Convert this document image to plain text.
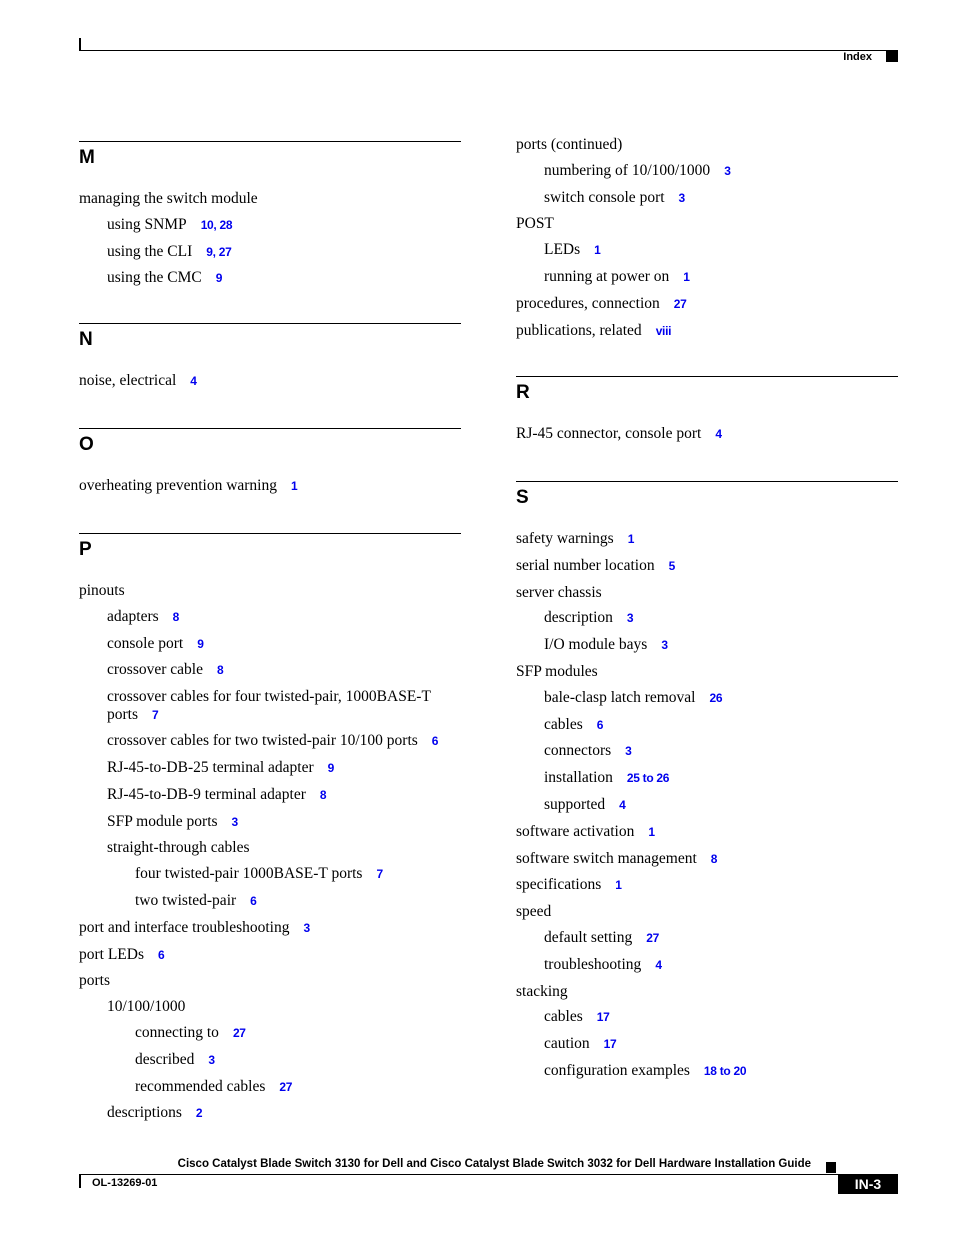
Index
M
managing the switch module
using SNMP 10, 28
using the CLI 9, 27
using the CMC 9
N
noise, electrical 4
O
overheating prevention warning 1
P
pinouts
adapters 8
console port 9
crossover cable 8
crossover cables for four twisted-pair, 1000BASE-T ports 7
crossover cables for two twisted-pair 10/100 ports 6
RJ-45-to-DB-25 terminal adapter 9
RJ-45-to-DB-9 terminal adapter 8
SFP module ports 3
straight-through cables
four twisted-pair 1000BASE-T ports 7
two twisted-pair 6
port and interface troubleshooting 3
port LEDs 6
ports
10/100/1000
connecting to 27
described 3
recommended cables 27
descriptions 2
ports (continued)
numbering of 10/100/1000 3
switch console port 3
POST
LEDs 1
running at power on 1
procedures, connection 27
publications, related viii
R
RJ-45 connector, console port 4
S
safety warnings 1
serial number location 5
server chassis
description 3
I/O module bays 3
SFP modules
bale-clasp latch removal 26
cables 6
connectors 3
installation 25 to 26
supported 4
software activation 1
software switch management 8
specifications 1
speed
default setting 27
troubleshooting 4
stacking
cables 17
caution 17
configuration examples 18 to 20
Cisco Catalyst Blade Switch 3130 for Dell and Cisco Catalyst Blade Switch 3032 for Dell Hardware Installation Guide
OL-13269-01	IN-3
